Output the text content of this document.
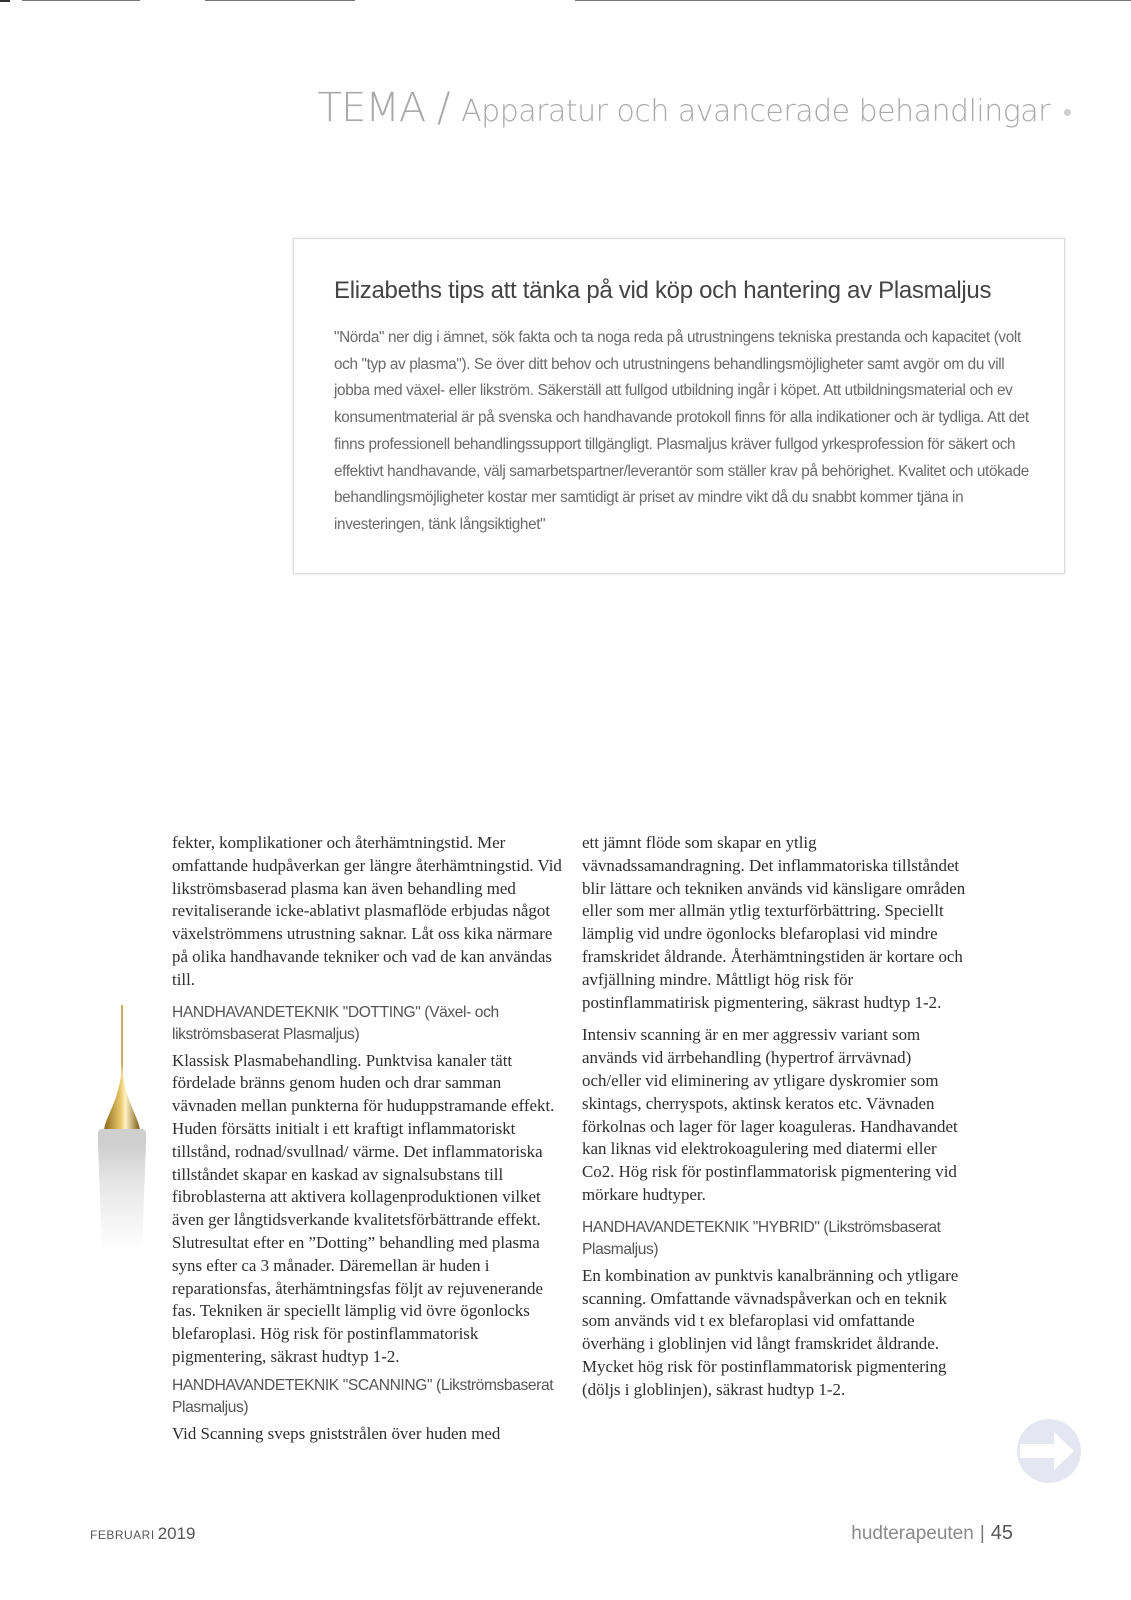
TEMA / Apparatur och avancerade behandlingar
Elizabeths tips att tänka på vid köp och hantering av Plasmaljus

"Nörda" ner dig i ämnet, sök fakta och ta noga reda på utrustningens tekniska prestanda och kapacitet (volt och "typ av plasma"). Se över ditt behov och utrustningens behandlingsmöjligheter samt avgör om du vill jobba med växel- eller likström. Säkerställ att fullgod utbildning ingår i köpet. Att utbildningsmaterial och ev konsumentmaterial är på svenska och handhavande protokoll finns för alla indikationer och är tydliga. Att det finns professionell behandlingssupport tillgängligt. Plasmaljus kräver fullgod yrkesprofession för säkert och effektivt handhavande, välj samarbetspartner/leverantör som ställer krav på behörighet. Kvalitet och utökade behandlingsmöjligheter kostar mer samtidigt är priset av mindre vikt då du snabbt kommer tjäna in investeringen, tänk långsiktighet"

fekter, komplikationer och återhämtningstid. Mer omfattande hudpåverkan ger längre återhämtningstid. Vid likströmsbaserad plasma kan även behandling med revitaliserande icke-ablativt plasmaflöde erbjudas något växelströmmens utrustning saknar. Låt oss kika närmare på olika handhavande tekniker och vad de kan användas till.

HANDHAVANDETEKNIK "DOTTING" (Växel- och likströmsbaserat Plasmaljus)

Klassisk Plasmabehandling. Punktvisa kanaler tätt fördelade bränns genom huden och drar samman vävnaden mellan punkterna för huduppstramande effekt. Huden försätts initialt i ett kraftigt inflammatoriskt tillstånd, rodnad/svullnad/ värme. Det inflammatoriska tillståndet skapar en kaskad av signalsubstans till fibroblasterna att aktivera kollagenproduktionen vilket även ger långtidsverkande kvalitetsförbättrande effekt. Slutresultat efter en ”Dotting” behandling med plasma syns efter ca 3 månader. Däremellan är huden i reparationsfas, återhämtningsfas följt av rejuvenerande fas. Tekniken är speciellt lämplig vid övre ögonlocks blefaroplasi. Hög risk för postinflammatorisk pigmentering, säkrast hudtyp 1-2.

HANDHAVANDETEKNIK "SCANNING" (Likströmsbaserat Plasmaljus)

Vid Scanning sveps gniststrålen över huden med

ett jämnt flöde som skapar en ytlig vävnadssamandragning. Det inflammatoriska tillståndet blir lättare och tekniken används vid känsligare områden eller som mer allmän ytlig texturförbättring. Speciellt lämplig vid undre ögonlocks blefaroplasi vid mindre framskridet åldrande. Återhämtningstiden är kortare och avfjällning mindre. Måttligt hög risk för postinflammatirisk pigmentering, säkrast hudtyp 1-2.

Intensiv scanning är en mer aggressiv variant som används vid ärrbehandling (hypertrof ärrvävnad) och/eller vid eliminering av ytligare dyskromier som skintags, cherryspots, aktinsk keratos etc. Vävnaden förkolnas och lager för lager koaguleras. Handhavandet kan liknas vid elektrokoagulering med diatermi eller Co2. Hög risk för postinflammatorisk pigmentering vid mörkare hudtyper.

HANDHAVANDETEKNIK "HYBRID" (Likströmsbaserat Plasmaljus)

En kombination av punktvis kanalbränning och ytligare scanning. Omfattande vävnadspåverkan och en teknik som används vid t ex blefaroplasi vid omfattande överhäng i globlinjen vid långt framskridet åldrande. Mycket hög risk för postinflammatorisk pigmentering (döljs i globlinjen), säkrast hudtyp 1-2.

FEBRUARI 2019	hudterapeuten | 45
